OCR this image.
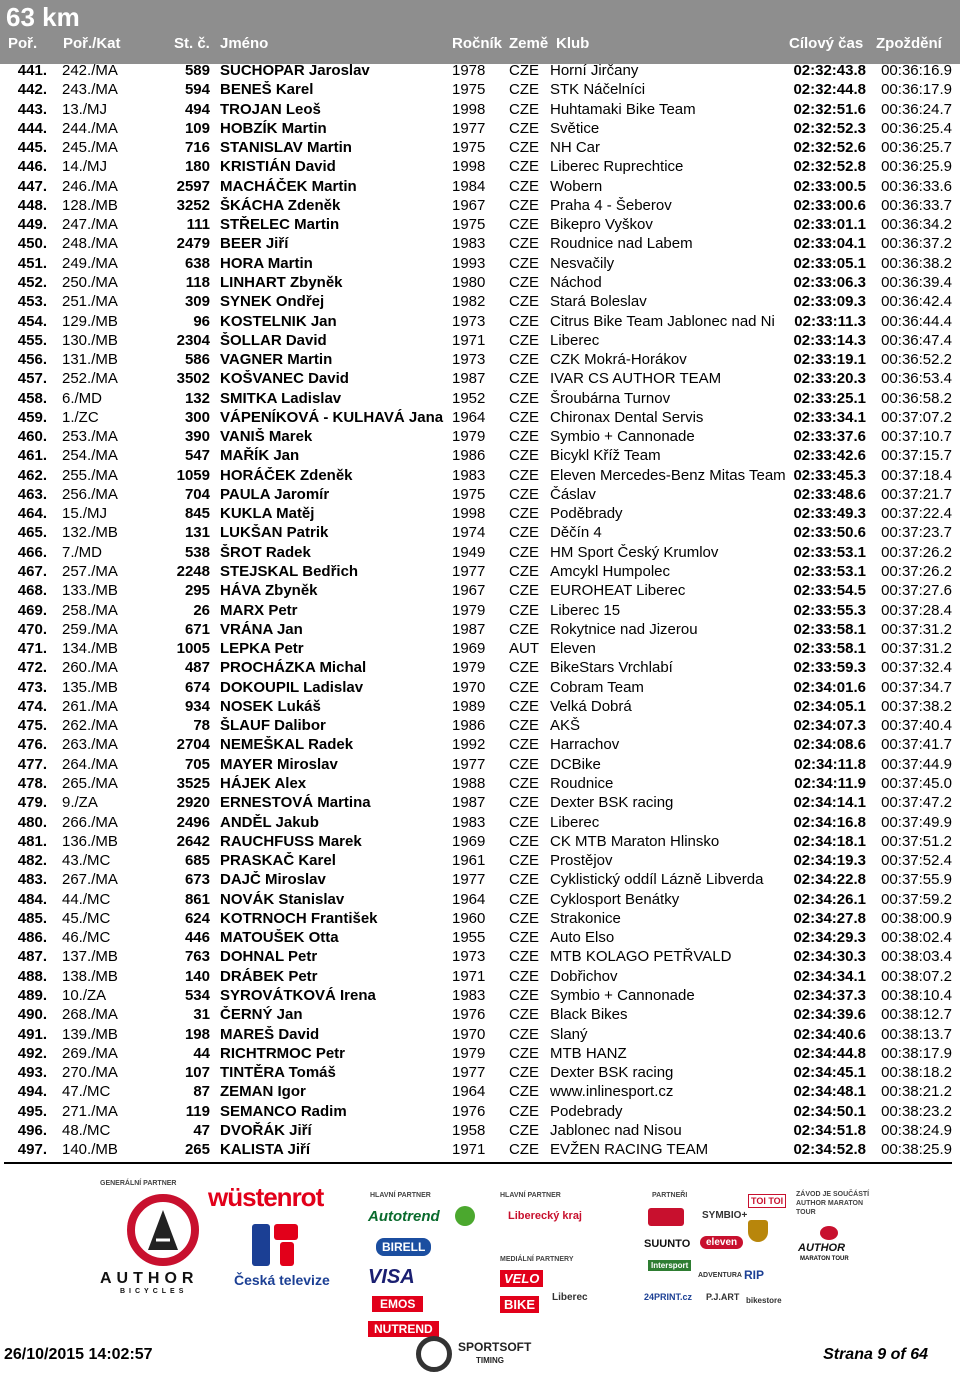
63 km
Poř. Poř./Kat	St. č. Jméno	Ročník Země Klub	Cílový čas Zpoždění
441. 242./MA	589 SUCHOPAR Jaroslav	1978	CZE Horní Jirčany	02:32:43.8	00:36:16.9
442. 243./MA	594 BENEŠ Karel	1975	CZE STK Náčelníci	02:32:44.8	00:36:17.9
443. 13./MJ	494 TROJAN Leoš	1998	CZE Huhtamaki Bike Team	02:32:51.6	00:36:24.7
444. 244./MA	109 HOBZÍK Martin	1977	CZE Světice	02:32:52.3	00:36:25.4
445. 245./MA	716 STANISLAV Martin	1975	CZE NH Car	02:32:52.6	00:36:25.7
446. 14./MJ	180 KRISTIÁN David	1998	CZE Liberec Ruprechtice	02:32:52.8	00:36:25.9
447. 246./MA	2597 MACHÁČEK Martin	1984	CZE Wobern	02:33:00.5	00:36:33.6
448. 128./MB	3252 ŠKÁCHA Zdeněk	1967	CZE Praha 4 - Šeberov	02:33:00.6	00:36:33.7
449. 247./MA	111 STŘELEC Martin	1975	CZE Bikepro Vyškov	02:33:01.1	00:36:34.2
450. 248./MA	2479 BEER Jiří	1983	CZE Roudnice nad Labem	02:33:04.1	00:36:37.2
451. 249./MA	638 HORA Martin	1993	CZE Nesvačily	02:33:05.1	00:36:38.2
452. 250./MA	118 LINHART Zbyněk	1980	CZE Náchod	02:33:06.3	00:36:39.4
453. 251./MA	309 SYNEK Ondřej	1982	CZE Stará Boleslav	02:33:09.3	00:36:42.4
454. 129./MB	96 KOSTELNIK Jan	1973	CZE Citrus Bike Team Jablonec nad Ni	02:33:11.3	00:36:44.4
455. 130./MB	2304 ŠOLLAR David	1971	CZE Liberec	02:33:14.3	00:36:47.4
456. 131./MB	586 VAGNER Martin	1973	CZE CZK Mokrá-Horákov	02:33:19.1	00:36:52.2
457. 252./MA	3502 KOŠVANEC David	1987	CZE IVAR CS AUTHOR TEAM	02:33:20.3	00:36:53.4
458. 6./MD	132 SMITKA Ladislav	1952	CZE Šroubárna Turnov	02:33:25.1	00:36:58.2
459. 1./ZC	300 VÁPENÍKOVÁ - KULHAVÁ Jana 1964	CZE Chironax Dental Servis	02:33:34.1	00:37:07.2
460. 253./MA	390 VANIŠ Marek	1979	CZE Symbio + Cannonade	02:33:37.6	00:37:10.7
461. 254./MA	547 MAŘÍK Jan	1986	CZE Bicykl Kříž Team	02:33:42.6	00:37:15.7
462. 255./MA	1059 HORÁČEK Zdeněk	1983	CZE Eleven Mercedes-Benz Mitas Team 02:33:45.3	00:37:18.4
463. 256./MA	704 PAULA Jaromír	1975	CZE Čáslav	02:33:48.6	00:37:21.7
464. 15./MJ	845 KUKLA Matěj	1998	CZE Poděbrady	02:33:49.3	00:37:22.4
465. 132./MB	131 LUKŠAN Patrik	1974	CZE Děčín 4	02:33:50.6	00:37:23.7
466. 7./MD	538 ŠROT Radek	1949	CZE HM Sport Český Krumlov	02:33:53.1	00:37:26.2
467. 257./MA	2248 STEJSKAL Bedřich	1977	CZE Amcykl Humpolec	02:33:53.1	00:37:26.2
468. 133./MB	295 HÁVA Zbyněk	1967	CZE EUROHEAT Liberec	02:33:54.5	00:37:27.6
469. 258./MA	26 MARX Petr	1979	CZE Liberec 15	02:33:55.3	00:37:28.4
470. 259./MA	671 VRÁNA Jan	1987	CZE Rokytnice nad Jizerou	02:33:58.1	00:37:31.2
471. 134./MB	1005 LEPKA Petr	1969	AUT Eleven	02:33:58.1	00:37:31.2
472. 260./MA	487 PROCHÁZKA Michal	1979	CZE BikeStars Vrchlabí	02:33:59.3	00:37:32.4
473. 135./MB	674 DOKOUPIL Ladislav	1970	CZE Cobram Team	02:34:01.6	00:37:34.7
474. 261./MA	934 NOSEK Lukáš	1989	CZE Velká Dobrá	02:34:05.1	00:37:38.2
475. 262./MA	78 ŠLAUF Dalibor	1986	CZE AKŠ	02:34:07.3	00:37:40.4
476. 263./MA	2704 NEMEŠKAL Radek	1992	CZE Harrachov	02:34:08.6	00:37:41.7
477. 264./MA	705 MAYER Miroslav	1977	CZE DCBike	02:34:11.8	00:37:44.9
478. 265./MA	3525 HÁJEK Alex	1988	CZE Roudnice	02:34:11.9	00:37:45.0
479. 9./ZA	2920 ERNESTOVÁ Martina	1987	CZE Dexter BSK racing	02:34:14.1	00:37:47.2
480. 266./MA	2496 ANDĚL Jakub	1983	CZE Liberec	02:34:16.8	00:37:49.9
481. 136./MB	2642 RAUCHFUSS Marek	1969	CZE CK MTB Maraton Hlinsko	02:34:18.1	00:37:51.2
482. 43./MC	685 PRASKAČ Karel	1961	CZE Prostějov	02:34:19.3	00:37:52.4
483. 267./MA	673 DAJČ Miroslav	1977	CZE Cyklistický oddíl Lázně Libverda	02:34:22.8	00:37:55.9
484. 44./MC	861 NOVÁK Stanislav	1964	CZE Cyklosport Benátky	02:34:26.1	00:37:59.2
485. 45./MC	624 KOTRNOCH František	1960	CZE Strakonice	02:34:27.8	00:38:00.9
486. 46./MC	446 MATOUŠEK Otta	1955	CZE Auto Elso	02:34:29.3	00:38:02.4
487. 137./MB	763 DOHNAL Petr	1973	CZE MTB KOLAGO PETŘVALD	02:34:30.3	00:38:03.4
488. 138./MB	140 DRÁBEK Petr	1971	CZE Dobřichov	02:34:34.1	00:38:07.2
489. 10./ZA	534 SYROVÁTKOVÁ Irena	1983	CZE Symbio + Cannonade	02:34:37.3	00:38:10.4
490. 268./MA	31 ČERNÝ Jan	1976	CZE Black Bikes	02:34:39.6	00:38:12.7
491. 139./MB	198 MAREŠ David	1970	CZE Slaný	02:34:40.6	00:38:13.7
492. 269./MA	44 RICHTRMOC Petr	1979	CZE MTB HANZ	02:34:44.8	00:38:17.9
493. 270./MA	107 TINTĚRA Tomáš	1977	CZE Dexter BSK racing	02:34:45.1	00:38:18.2
494. 47./MC	87 ZEMAN Igor	1964	CZE www.inlinesport.cz	02:34:48.1	00:38:21.2
495. 271./MA	119 SEMANCO Radim	1976	CZE Podebrady	02:34:50.1	00:38:23.2
496. 48./MC	47 DVOŘÁK Jiří	1958	CZE Jablonec nad Nisou	02:34:51.8	00:38:24.9
497. 140./MB	265 KALISTA Jiří	1971	CZE EVŽEN RACING TEAM	02:34:52.8	00:38:25.9
GENERÁLNÍ PARTNER
AUTHOR
BICYCLES
wüstenrot
Česká televize
HLAVNÍ PARTNER
Autotrend
BIRELL
VISA
EMOS
NUTREND
HLAVNÍ PARTNER
Liberecký kraj
MEDIÁLNÍ PARTNERY
VELO
BIKE	Liberec
PARTNEŘI
TOI TOI
SYMBIO+
SUUNTO	eleven
Intersport
ADVENTURA RIP
24PRINT.cz P.J.ART bikestore
ZÁVOD JE SOUČÁSTÍ AUTHOR MARATON TOUR
AUTHOR
MARATON TOUR
26/10/2015 14:02:57	SPORTSOFT
TIMING	Strana 9 of 64
